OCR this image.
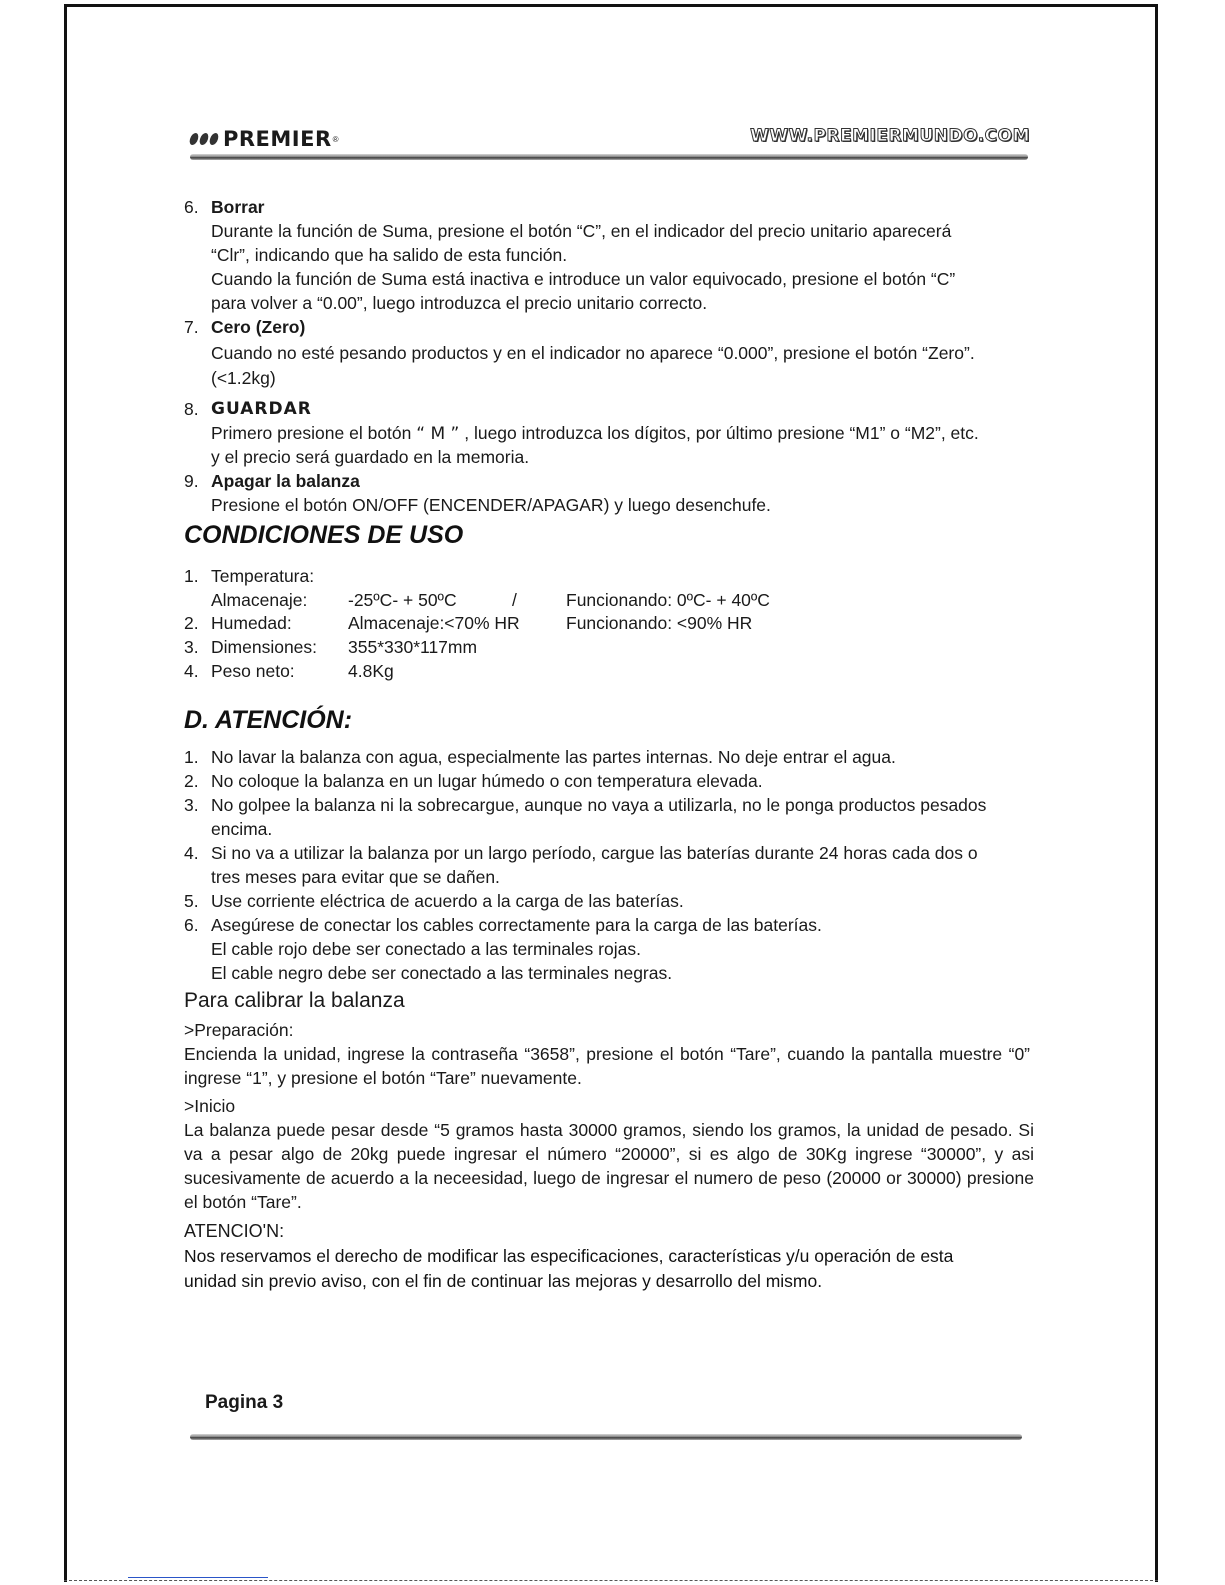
PREMIER ®	WWW.PREMIERMUNDO.COM
6. Borrar
Durante la función de Suma, presione el botón “C”, en el indicador del precio unitario aparecerá
“Clr”, indicando que ha salido de esta función.
Cuando la función de Suma está inactiva e introduce un valor equivocado, presione el botón “C”
para volver a “0.00”, luego introduzca el precio unitario correcto.
7. Cero (Zero)
Cuando no esté pesando productos y en el indicador no aparece “0.000”, presione el botón “Zero”.
(<1.2kg)
8. GUARDAR
Primero presione el botón “ M ” , luego introduzca los dígitos, por último presione “M1” o “M2”, etc.
y el precio será guardado en la memoria.
9. Apagar la balanza
Presione el botón ON/OFF (ENCENDER/APAGAR) y luego desenchufe.
CONDICIONES DE USO
1. Temperatura:
Almacenaje: -25ºC- + 50ºC	/	Funcionando: 0ºC- + 40ºC
2. Humedad:	Almacenaje:<70% HR	Funcionando: <90% HR
3. Dimensiones: 355*330*117mm
4. Peso neto:	4.8Kg
D. ATENCIÓN:
1. No lavar la balanza con agua, especialmente las partes internas. No deje entrar el agua.
2. No coloque la balanza en un lugar húmedo o con temperatura elevada.
3. No golpee la balanza ni la sobrecargue, aunque no vaya a utilizarla, no le ponga productos pesados
encima.
4. Si no va a utilizar la balanza por un largo período, cargue las baterías durante 24 horas cada dos o
tres meses para evitar que se dañen.
5. Use corriente eléctrica de acuerdo a la carga de las baterías.
6. Asegúrese de conectar los cables correctamente para la carga de las baterías.
El cable rojo debe ser conectado a las terminales rojas.
El cable negro debe ser conectado a las terminales negras.
Para calibrar la balanza
>Preparación:
Encienda la unidad, ingrese la contraseña “3658”, presione el botón “Tare”, cuando la pantalla muestre “0” ingrese “1”, y presione el botón “Tare” nuevamente.
>Inicio
La balanza puede pesar desde “5 gramos hasta 30000 gramos, siendo los gramos, la unidad de pesado. Si va a pesar algo de 20kg puede ingresar el número “20000”, si es algo de 30Kg ingrese “30000”, y asi sucesivamente de acuerdo a la neceesidad, luego de ingresar el numero de peso (20000 or 30000) presione el botón “Tare”.
ATENCIO'N:
Nos reservamos el derecho de modificar las especificaciones, características y/u operación de esta unidad sin previo aviso, con el fin de continuar las mejoras y desarrollo del mismo.
Pagina 3
